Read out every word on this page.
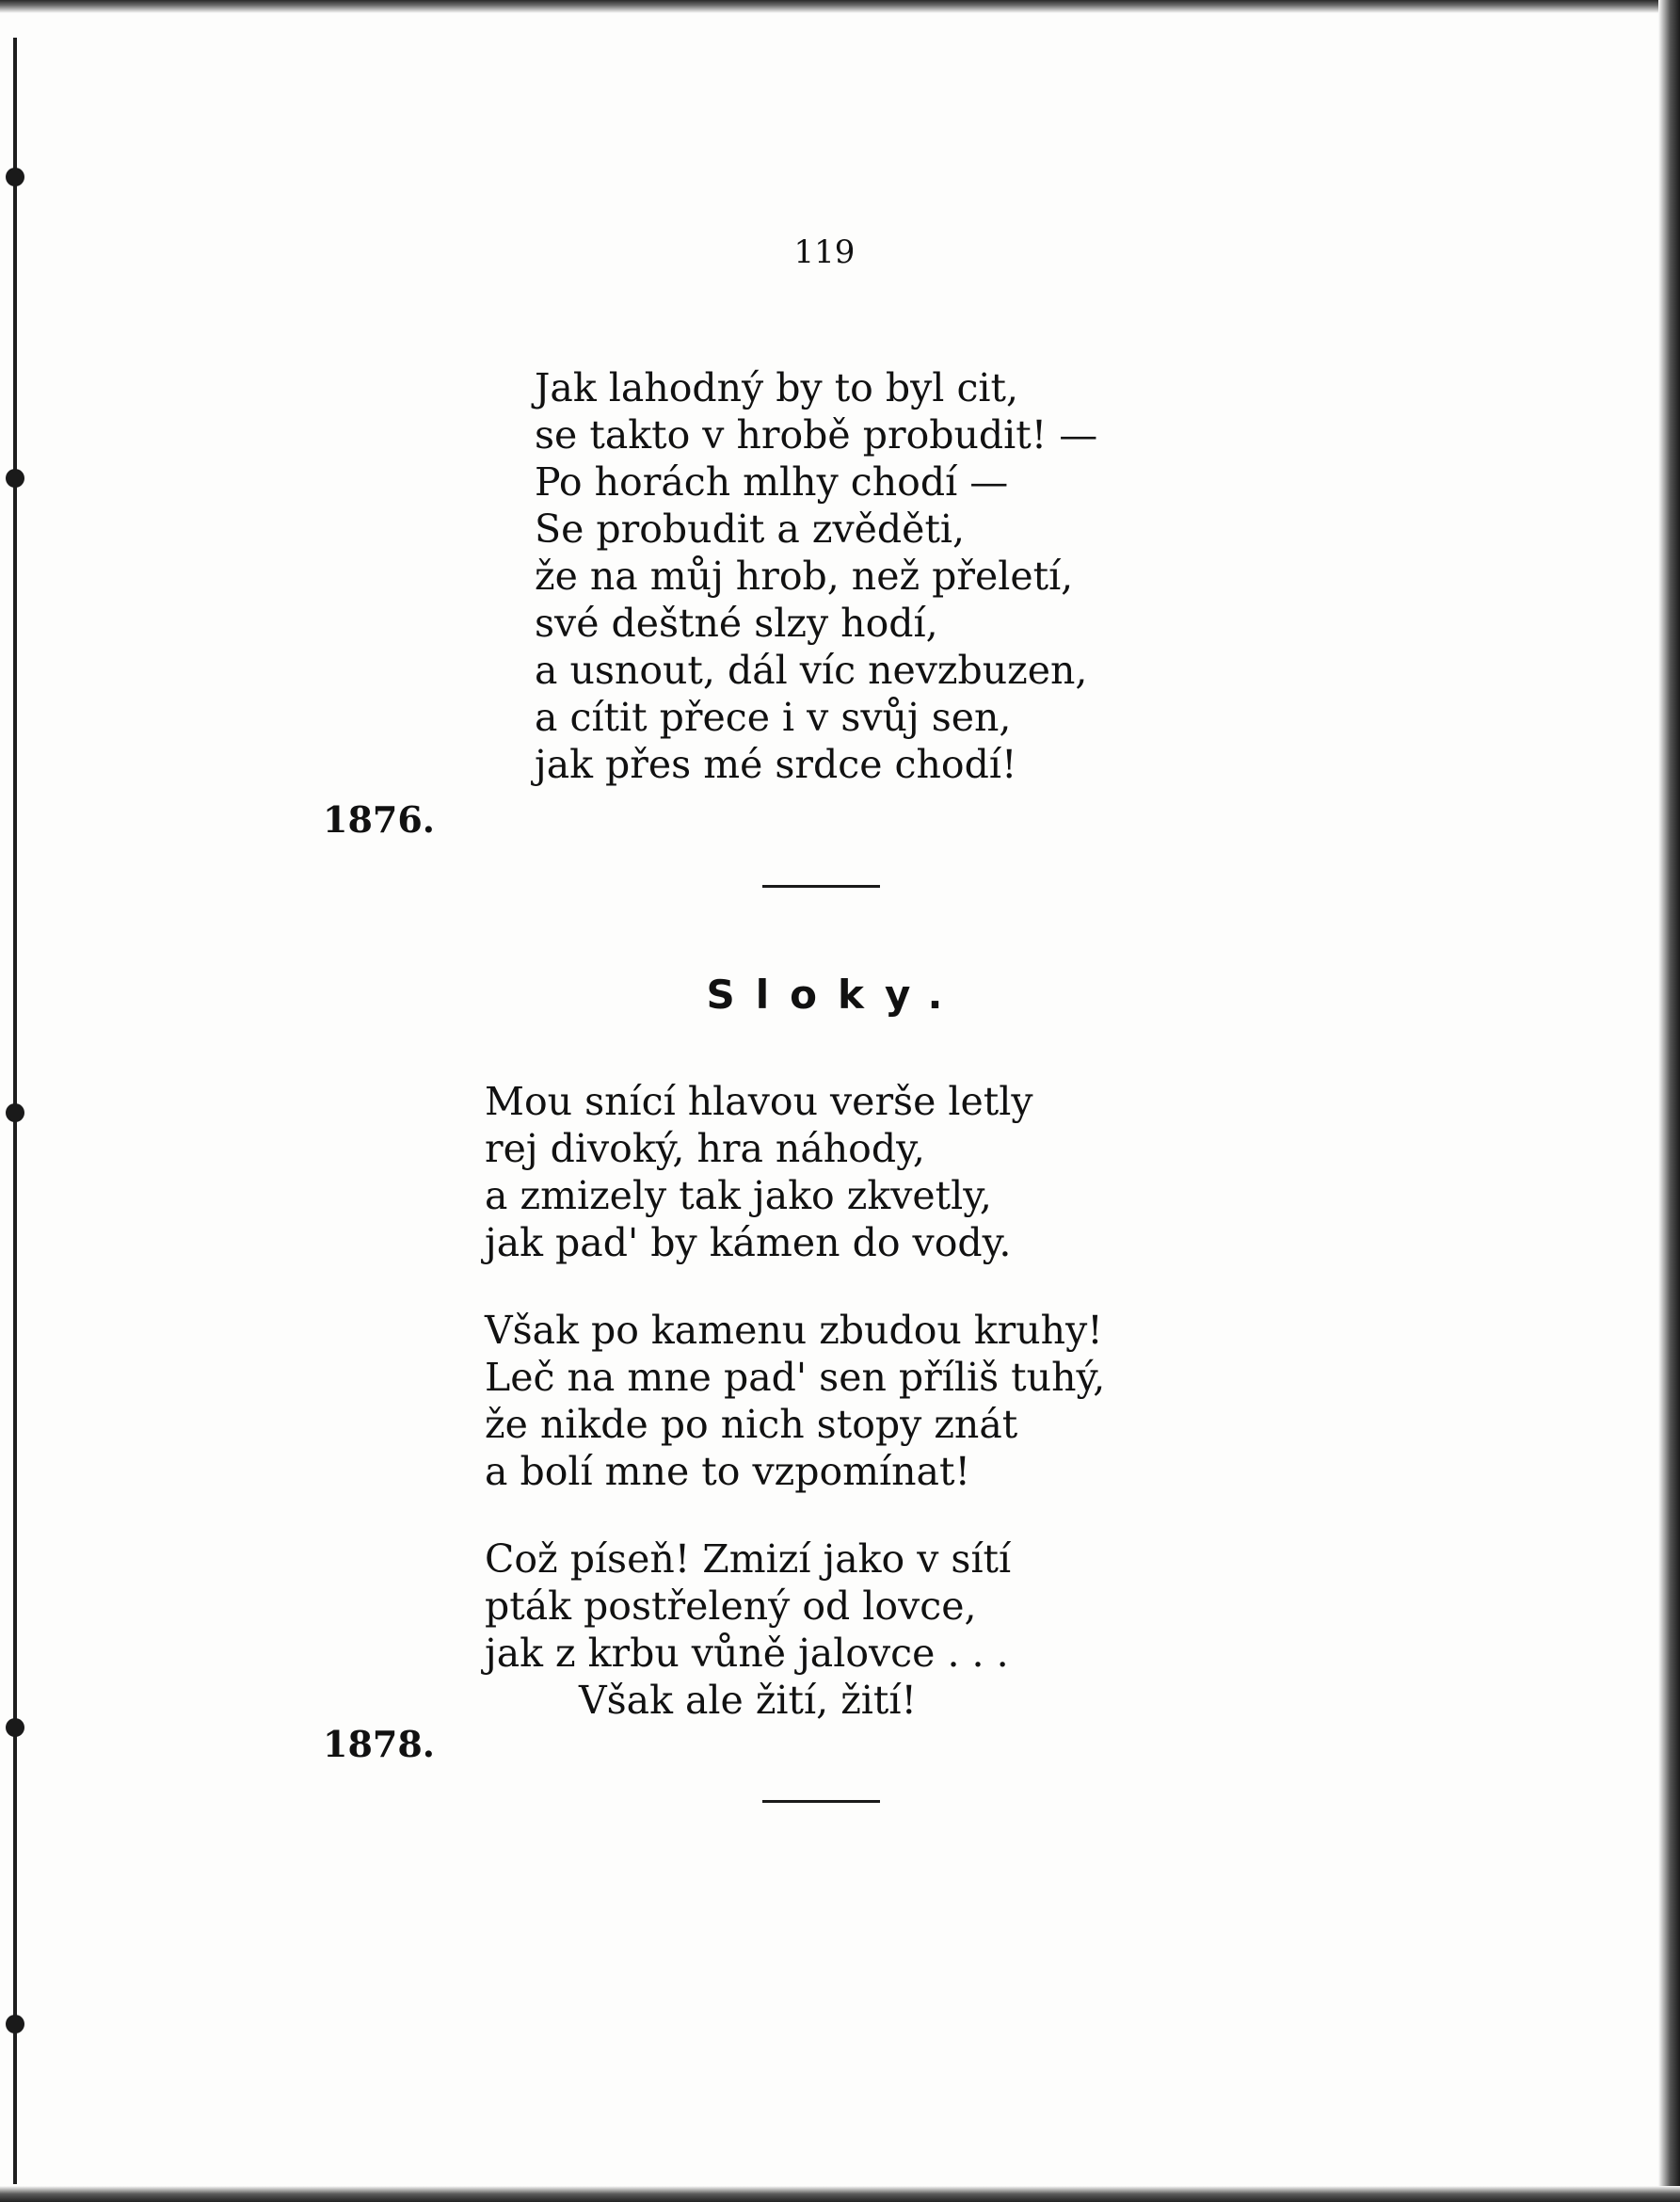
119
Jak lahodný by to byl cit,
se takto v hrobě probudit! —
Po horách mlhy chodí —
Se probudit a zvěděti,
že na můj hrob, než přeletí,
své deštné slzy hodí,
a usnout, dál víc nevzbuzen,
a cítit přece i v svůj sen,
jak přes mé srdce chodí!
1876.
Sloky.
Mou snící hlavou verše letly
rej divoký, hra náhody,
a zmizely tak jako zkvetly,
jak pad' by kámen do vody.
Však po kamenu zbudou kruhy!
Leč na mne pad' sen příliš tuhý,
že nikde po nich stopy znát
a bolí mne to vzpomínat!
Což píseň! Zmizí jako v sítí
pták postřelený od lovce,
jak z krbu vůně jalovce . . .
Však ale žití, žití!
1878.
